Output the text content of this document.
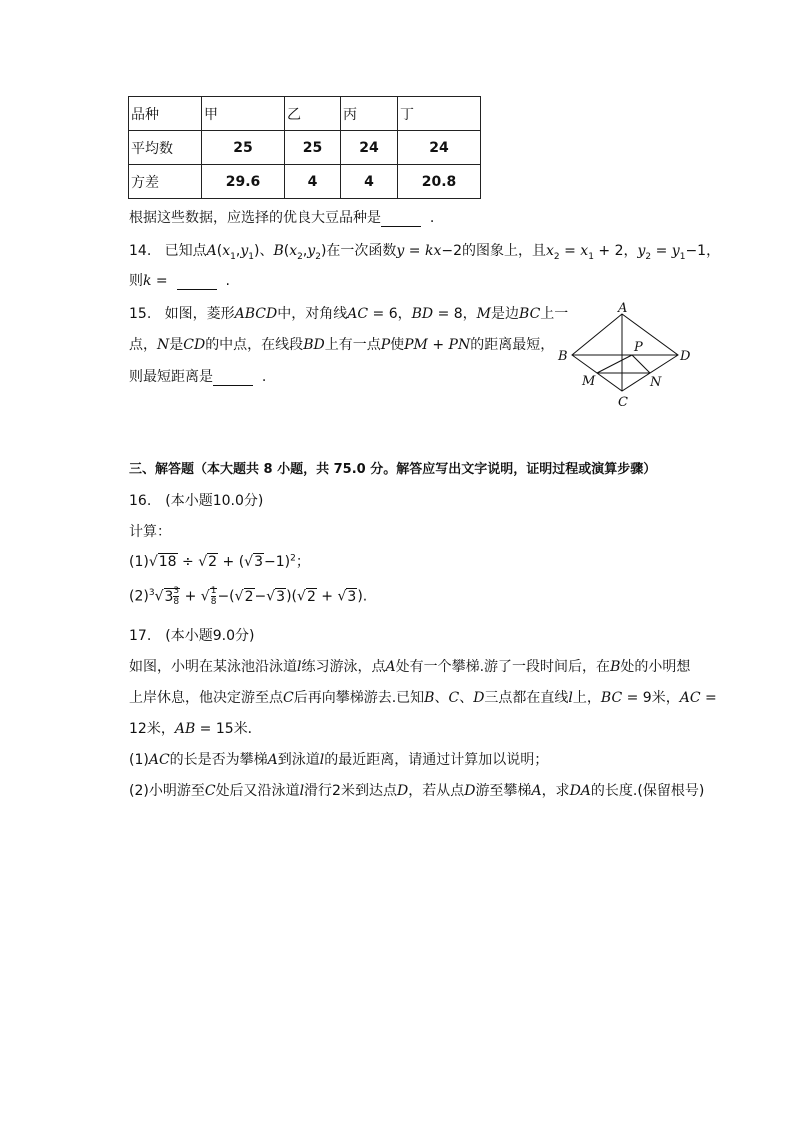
品种	甲	乙	丙	丁
平均数	25	25	24	24
方差	29.6	4	4	20.8
根据这些数据，应选择的优良大豆品种是	.
14. 已知点$A(x_1,y_1)$、$B(x_2,y_2)$在一次函数y = kx−2的图象上，且$x_2 = x_1 + 2$，$y_2 = y_1-1$，
则k =	.
15. 如图，菱形ABCD中，对角线AC = 6，BD = 8，M是边BC上一
点，N是CD的中点，在线段BD上有一点P使PM + PN的距离最短，
则最短距离是	.
A
B
C
D
P
M	N
三、解答题（本大题共 8 小题，共 75.0 分。解答应写出文字说明，证明过程或演算步骤）
16.　(本小题10.0分)
计算：
$(1)√18 \div √2 + (√3-1)^2$；
$(2)^3√3 \frac{3}{8}$ + √ $\frac{1}{8} -(√2-√3)(√2 + √3)$.
17.　(本小题9.0分)
如图，小明在某泳池沿泳道l练习游泳，点A处有一个攀梯.游了一段时间后，在B处的小明想
上岸休息，他决定游至点C后再向攀梯游去.已知B、C、D三点都在直线l上，BC = 9米，AC =
12米，AB = 15米．
(1)AC的长是否为攀梯A到泳道l的最近距离，请通过计算加以说明；
(2)小明游至C处后又沿泳道l滑行2米到达点D，若从点D游至攀梯A，求DA的长度.(保留根号)
